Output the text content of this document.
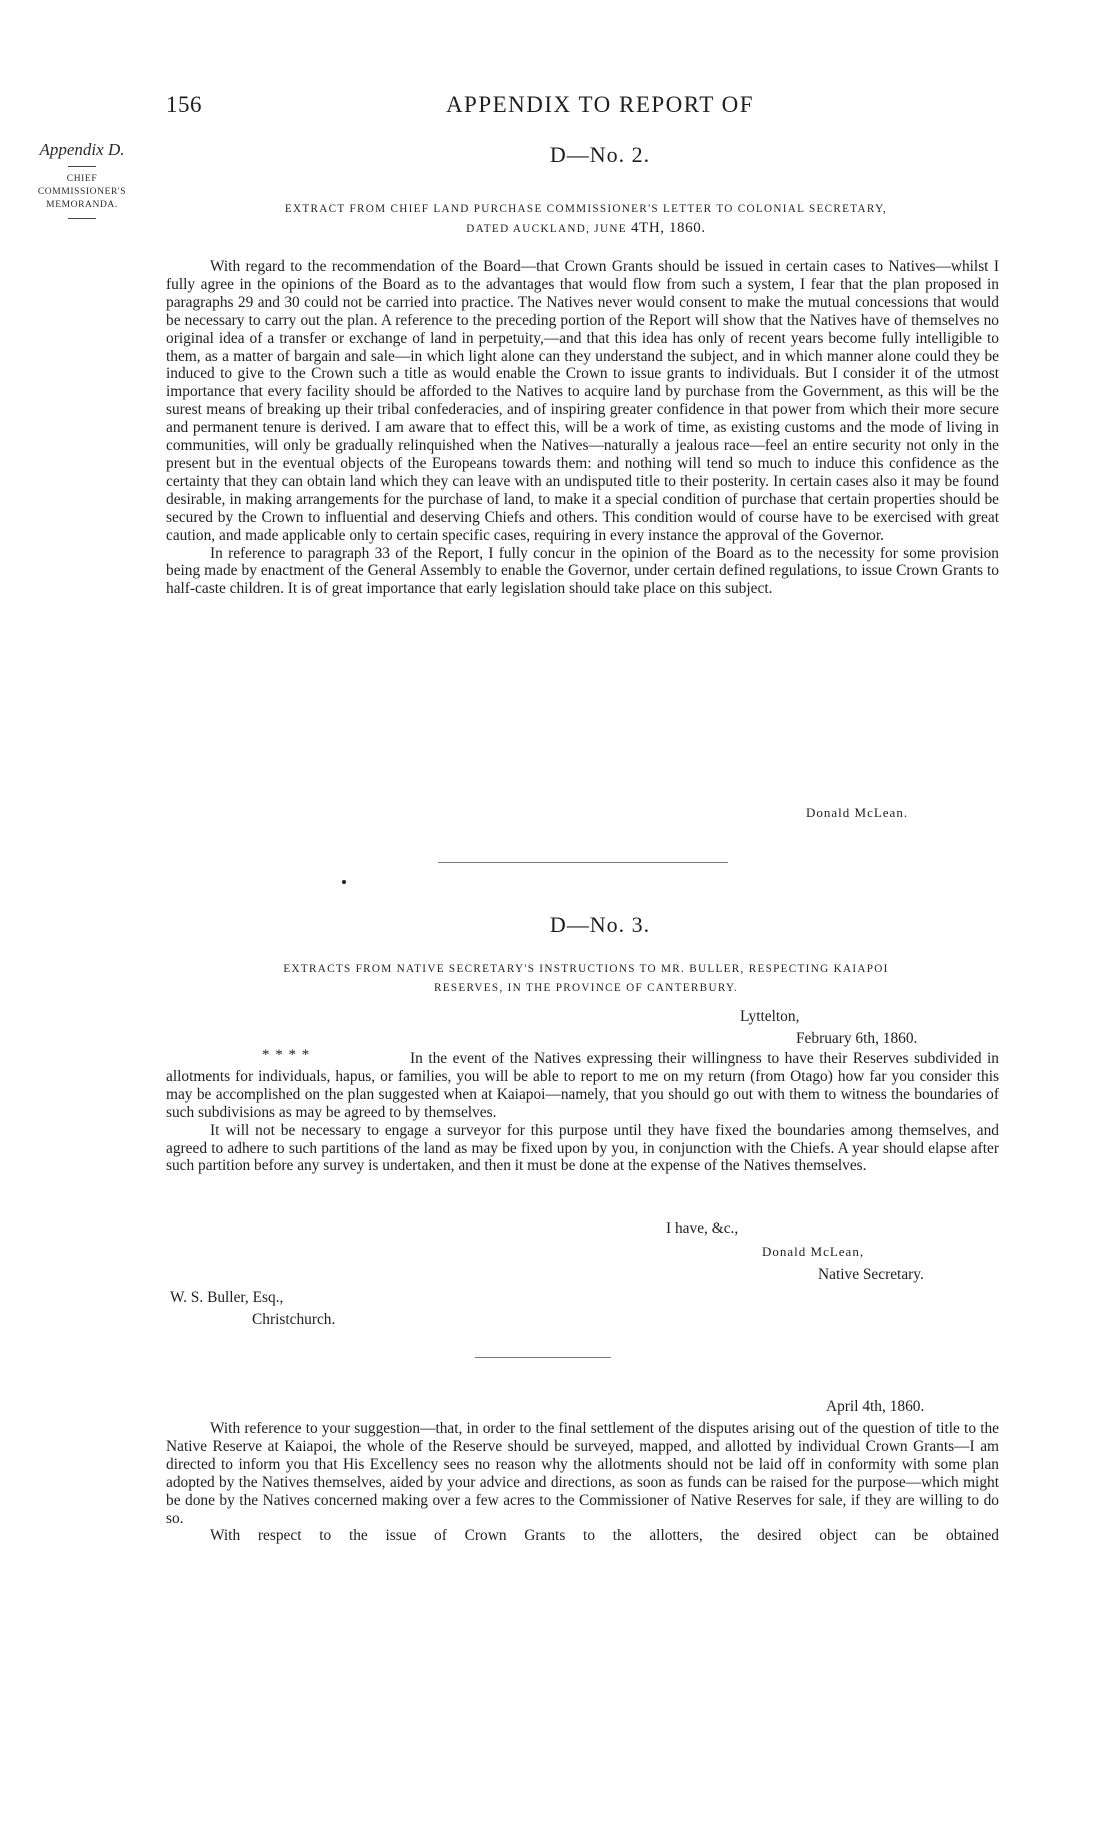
156	APPENDIX TO REPORT OF
Appendix D.
CHIEF
COMMISSIONER'S
MEMORANDA.
D—No. 2.
EXTRACT FROM CHIEF LAND PURCHASE COMMISSIONER'S LETTER TO COLONIAL SECRETARY,
DATED AUCKLAND, JUNE 4TH, 1860.

With regard to the recommendation of the Board—that Crown Grants should be issued in certain cases to Natives—whilst I fully agree in the opinions of the Board as to the advantages that would flow from such a system, I fear that the plan proposed in paragraphs 29 and 30 could not be carried into practice. The Natives never would consent to make the mutual concessions that would be necessary to carry out the plan. A reference to the preceding portion of the Report will show that the Natives have of themselves no original idea of a transfer or exchange of land in perpetuity,—and that this idea has only of recent years become fully intelligible to them, as a matter of bargain and sale—in which light alone can they understand the subject, and in which manner alone could they be induced to give to the Crown such a title as would enable the Crown to issue grants to individuals. But I consider it of the utmost importance that every facility should be afforded to the Natives to acquire land by purchase from the Government, as this will be the surest means of breaking up their tribal confederacies, and of inspiring greater confidence in that power from which their more secure and permanent tenure is derived. I am aware that to effect this, will be a work of time, as existing customs and the mode of living in communities, will only be gradually relinquished when the Natives—naturally a jealous race—feel an entire security not only in the present but in the eventual objects of the Europeans towards them: and nothing will tend so much to induce this confidence as the certainty that they can obtain land which they can leave with an undisputed title to their posterity. In certain cases also it may be found desirable, in making arrangements for the purchase of land, to make it a special condition of purchase that certain properties should be secured by the Crown to influential and deserving Chiefs and others. This condition would of course have to be exercised with great caution, and made applicable only to certain specific cases, requiring in every instance the approval of the Governor.

In reference to paragraph 33 of the Report, I fully concur in the opinion of the Board as to the necessity for some provision being made by enactment of the General Assembly to enable the Governor, under certain defined regulations, to issue Crown Grants to half-caste children. It is of great importance that early legislation should take place on this subject.

Donald McLean.
D—No. 3.
EXTRACTS FROM NATIVE SECRETARY'S INSTRUCTIONS TO MR. BULLER, RESPECTING KAIAPOI
RESERVES, IN THE PROVINCE OF CANTERBURY.
Lyttelton,
February 6th, 1860.
* * * *	In the event of the Natives expressing their willingness to have their Reserves subdivided in allotments for individuals, hapus, or families, you will be able to report to me on my return (from Otago) how far you consider this may be accomplished on the plan suggested when at Kaiapoi—namely, that you should go out with them to witness the boundaries of such subdivisions as may be agreed to by themselves.

It will not be necessary to engage a surveyor for this purpose until they have fixed the boundaries among themselves, and agreed to adhere to such partitions of the land as may be fixed upon by you, in conjunction with the Chiefs. A year should elapse after such partition before any survey is undertaken, and then it must be done at the expense of the Natives themselves.

I have, &c.,
Donald McLean,
Native Secretary.
W. S. Buller, Esq.,
Christchurch.
April 4th, 1860.

With reference to your suggestion—that, in order to the final settlement of the disputes arising out of the question of title to the Native Reserve at Kaiapoi, the whole of the Reserve should be surveyed, mapped, and allotted by individual Crown Grants—I am directed to inform you that His Excellency sees no reason why the allotments should not be laid off in conformity with some plan adopted by the Natives themselves, aided by your advice and directions, as soon as funds can be raised for the purpose—which might be done by the Natives concerned making over a few acres to the Commissioner of Native Reserves for sale, if they are willing to do so.

With respect to the issue of Crown Grants to the allotters, the desired object can be obtained
